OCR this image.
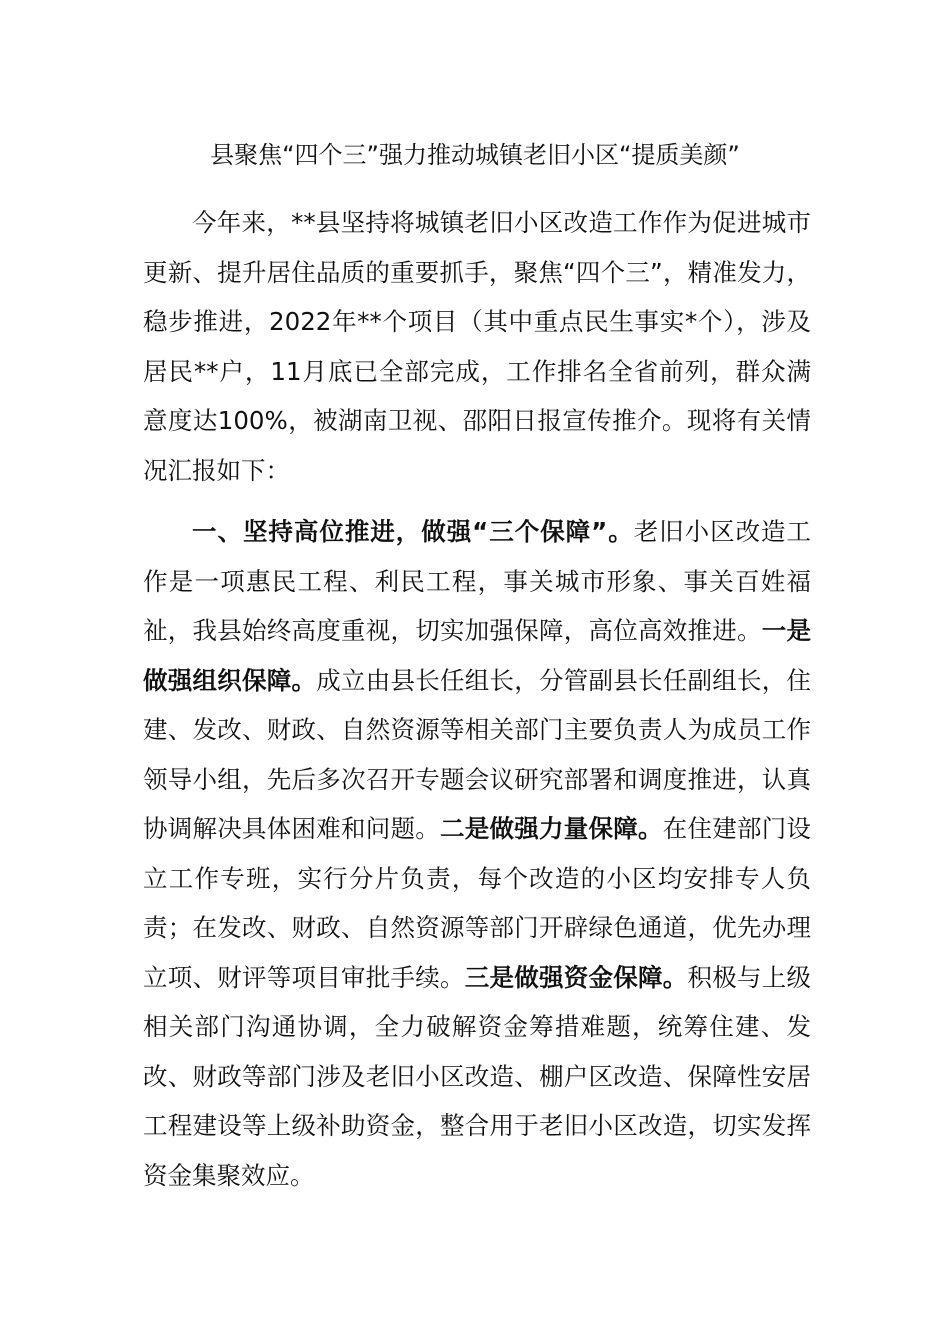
县聚焦“四个三”强力推动城镇老旧小区“提质美颜”

今年来，**县坚持将城镇老旧小区改造工作作为促进城市更新、提升居住品质的重要抓手，聚焦“四个三”，精准发力，稳步推进，2022年**个项目（其中重点民生事实*个），涉及居民**户，11月底已全部完成，工作排名全省前列，群众满意度达100%，被湖南卫视、邵阳日报宣传推介。现将有关情况汇报如下：

一、坚持高位推进，做强“三个保障”。老旧小区改造工作是一项惠民工程、利民工程，事关城市形象、事关百姓福祉，我县始终高度重视，切实加强保障，高位高效推进。一是做强组织保障。成立由县长任组长，分管副县长任副组长，住建、发改、财政、自然资源等相关部门主要负责人为成员工作领导小组，先后多次召开专题会议研究部署和调度推进，认真协调解决具体困难和问题。二是做强力量保障。在住建部门设立工作专班，实行分片负责，每个改造的小区均安排专人负责；在发改、财政、自然资源等部门开辟绿色通道，优先办理立项、财评等项目审批手续。三是做强资金保障。积极与上级相关部门沟通协调，全力破解资金筹措难题，统筹住建、发改、财政等部门涉及老旧小区改造、棚户区改造、保障性安居工程建设等上级补助资金，整合用于老旧小区改造，切实发挥资金集聚效应。
